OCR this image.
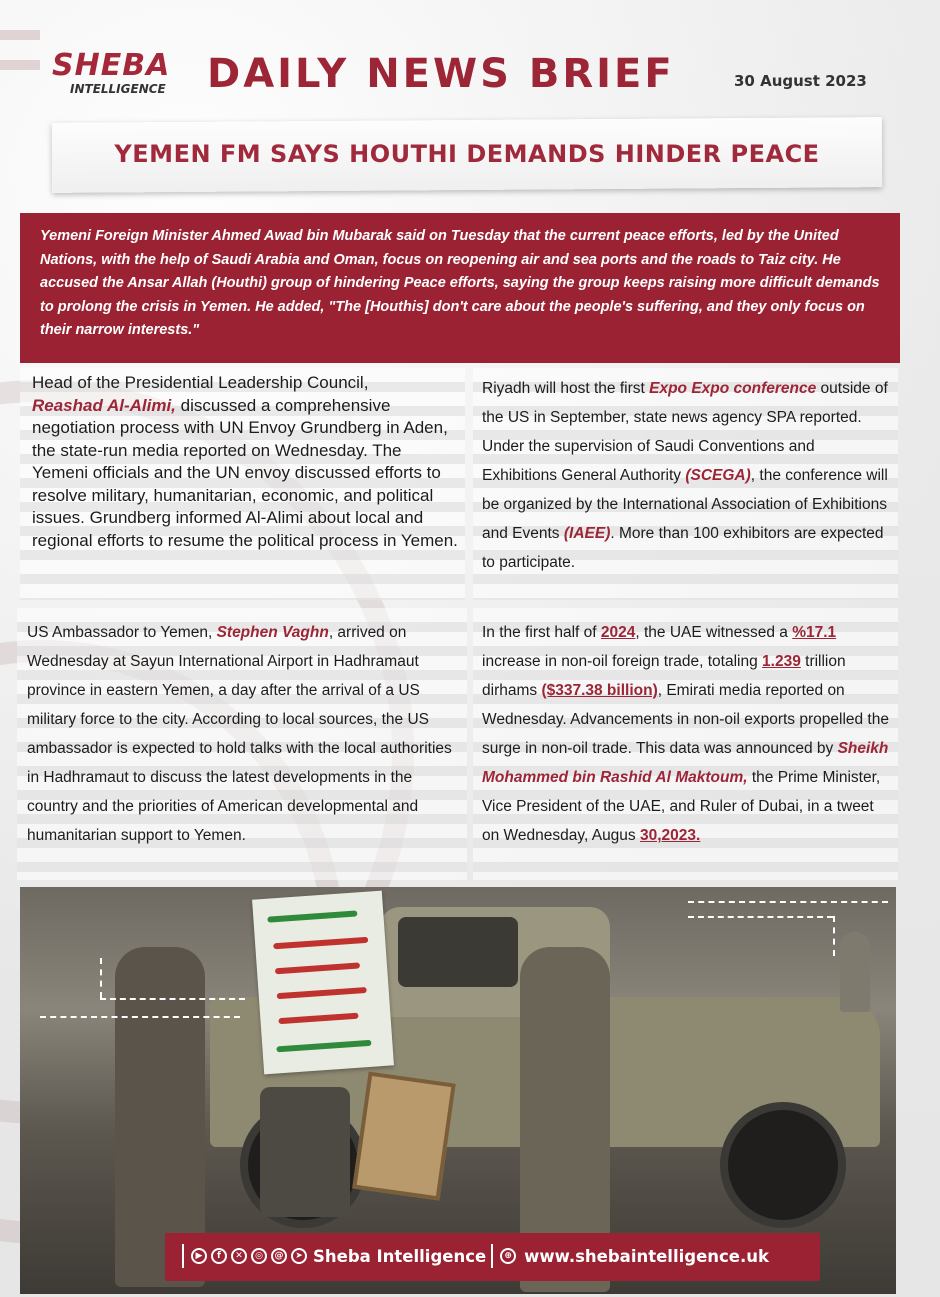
SHEBA
INTELLIGENCE	DAILY NEWS BRIEF	30 August 2023
YEMEN FM SAYS HOUTHI DEMANDS HINDER PEACE
Yemeni Foreign Minister Ahmed Awad bin Mubarak said on Tuesday that the current peace efforts, led by the United Nations, with the help of Saudi Arabia and Oman, focus on reopening air and sea ports and the roads to Taiz city. He accused the Ansar Allah (Houthi) group of hindering Peace efforts, saying the group keeps raising more difficult demands to prolong the crisis in Yemen. He added, "The [Houthis] don't care about the people's suffering, and they only focus on their narrow interests."
Head of the Presidential Leadership Council,
Reashad Al-Alimi, discussed a comprehensive negotiation process with UN Envoy Grundberg in Aden, the state-run media reported on Wednesday. The Yemeni officials and the UN envoy discussed efforts to resolve military, humanitarian, economic, and political issues. Grundberg informed Al-Alimi about local and regional efforts to resume the political process in Yemen.
Riyadh will host the first Expo Expo conference outside of the US in September, state news agency SPA reported. Under the supervision of Saudi Conventions and Exhibitions General Authority (SCEGA), the conference will be organized by the International Association of Exhibitions and Events (IAEE). More than 100 exhibitors are expected to participate.
US Ambassador to Yemen, Stephen Vaghn, arrived on Wednesday at Sayun International Airport in Hadhramaut province in eastern Yemen, a day after the arrival of a US military force to the city. According to local sources, the US ambassador is expected to hold talks with the local authorities in Hadhramaut to discuss the latest developments in the country and the priorities of American developmental and humanitarian support to Yemen.
In the first half of 2024, the UAE witnessed a %17.1 increase in non-oil foreign trade, totaling 1.239 trillion dirhams ($337.38 billion), Emirati media reported on Wednesday. Advancements in non-oil exports propelled the surge in non-oil trade. This data was announced by Sheikh Mohammed bin Rashid Al Maktoum, the Prime Minister, Vice President of the UAE, and Ruler of Dubai, in a tweet on Wednesday, Augus 30,2023.
▶	f	✕	◎	@	➤ Sheba Intelligence	⊕ www.shebaintelligence.uk
